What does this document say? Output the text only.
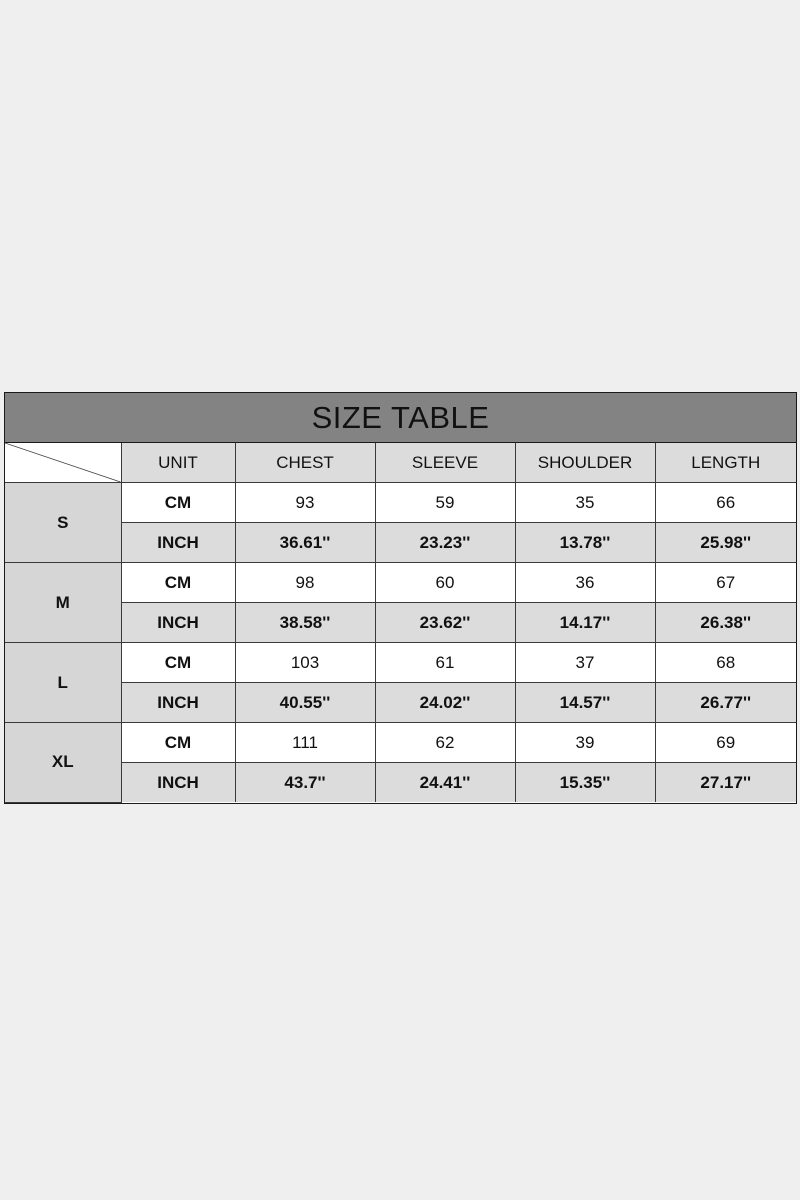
SIZE TABLE
	UNIT	CHEST	SLEEVE	SHOULDER	LENGTH
S	CM	93	59	35	66
	INCH	36.61''	23.23''	13.78''	25.98''
M	CM	98	60	36	67
	INCH	38.58''	23.62''	14.17''	26.38''
L	CM	103	61	37	68
	INCH	40.55''	24.02''	14.57''	26.77''
XL	CM	111	62	39	69
	INCH	43.7''	24.41''	15.35''	27.17''
